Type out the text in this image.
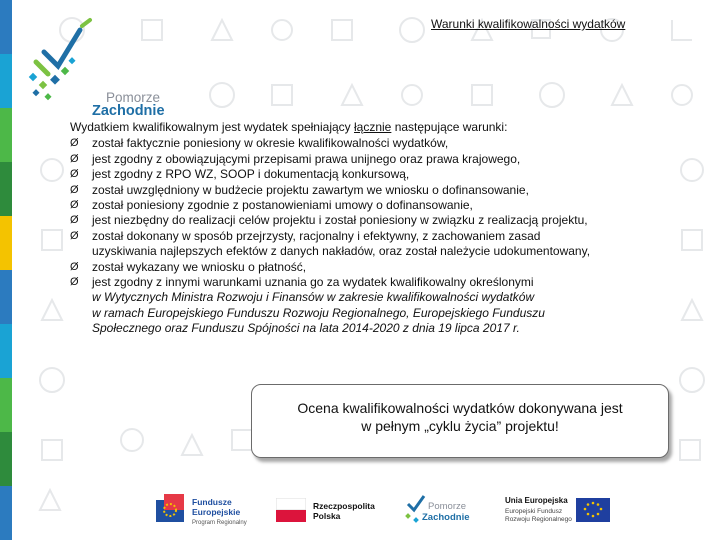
Pomorze
Zachodnie
Warunki kwalifikowalności wydatków

Wydatkiem kwalifikowalnym jest wydatek spełniający łącznie następujące warunki:

Ø został faktycznie poniesiony w okresie kwalifikowalności wydatków,
Ø jest zgodny z obowiązującymi przepisami prawa unijnego oraz prawa krajowego,
Ø jest zgodny z RPO WZ, SOOP i dokumentacją konkursową,
Ø został uwzględniony w budżecie projektu zawartym we wniosku o dofinansowanie,
Ø został poniesiony zgodnie z postanowieniami umowy o dofinansowanie,
Ø jest niezbędny do realizacji celów projektu i został poniesiony w związku z realizacją projektu,
Ø został dokonany w sposób przejrzysty, racjonalny i efektywny, z zachowaniem zasad
uzyskiwania najlepszych efektów z danych nakładów, oraz został należycie udokumentowany,
Ø został wykazany we wniosku o płatność,
Ø jest zgodny z innymi warunkami uznania go za wydatek kwalifikowalny określonymi
w Wytycznych Ministra Rozwoju i Finansów w zakresie kwalifikowalności wydatków
w ramach Europejskiego Funduszu Rozwoju Regionalnego, Europejskiego Funduszu
Społecznego oraz Funduszu Spójności na lata 2014-2020 z dnia 19 lipca 2017 r.
Ocena kwalifikowalności wydatków dokonywana jest
w pełnym „cyklu życia” projektu!
Fundusze
Europejskie
Program Regionalny
Rzeczpospolita
Polska
Pomorze
Zachodnie
Unia Europejska
Europejski Fundusz
Rozwoju Regionalnego
